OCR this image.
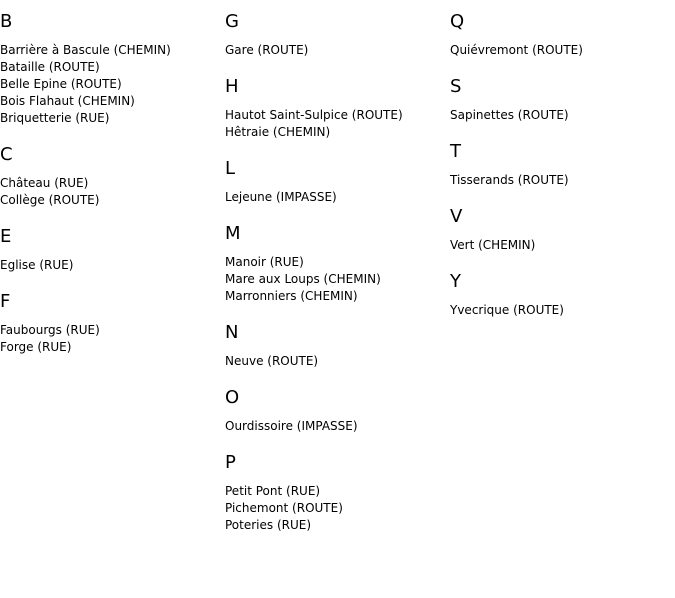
B
Barrière à Bascule (CHEMIN)
Bataille (ROUTE)
Belle Epine (ROUTE)
Bois Flahaut (CHEMIN)
Briquetterie (RUE)
C
Château (RUE)
Collège (ROUTE)
E
Eglise (RUE)
F
Faubourgs (RUE)
Forge (RUE)
G
Gare (ROUTE)
H
Hautot Saint-Sulpice (ROUTE)
Hêtraie (CHEMIN)
L
Lejeune (IMPASSE)
M
Manoir (RUE)
Mare aux Loups (CHEMIN)
Marronniers (CHEMIN)
N
Neuve (ROUTE)
O
Ourdissoire (IMPASSE)
P
Petit Pont (RUE)
Pichemont (ROUTE)
Poteries (RUE)
Q
Quiévremont (ROUTE)
S
Sapinettes (ROUTE)
T
Tisserands (ROUTE)
V
Vert (CHEMIN)
Y
Yvecrique (ROUTE)
